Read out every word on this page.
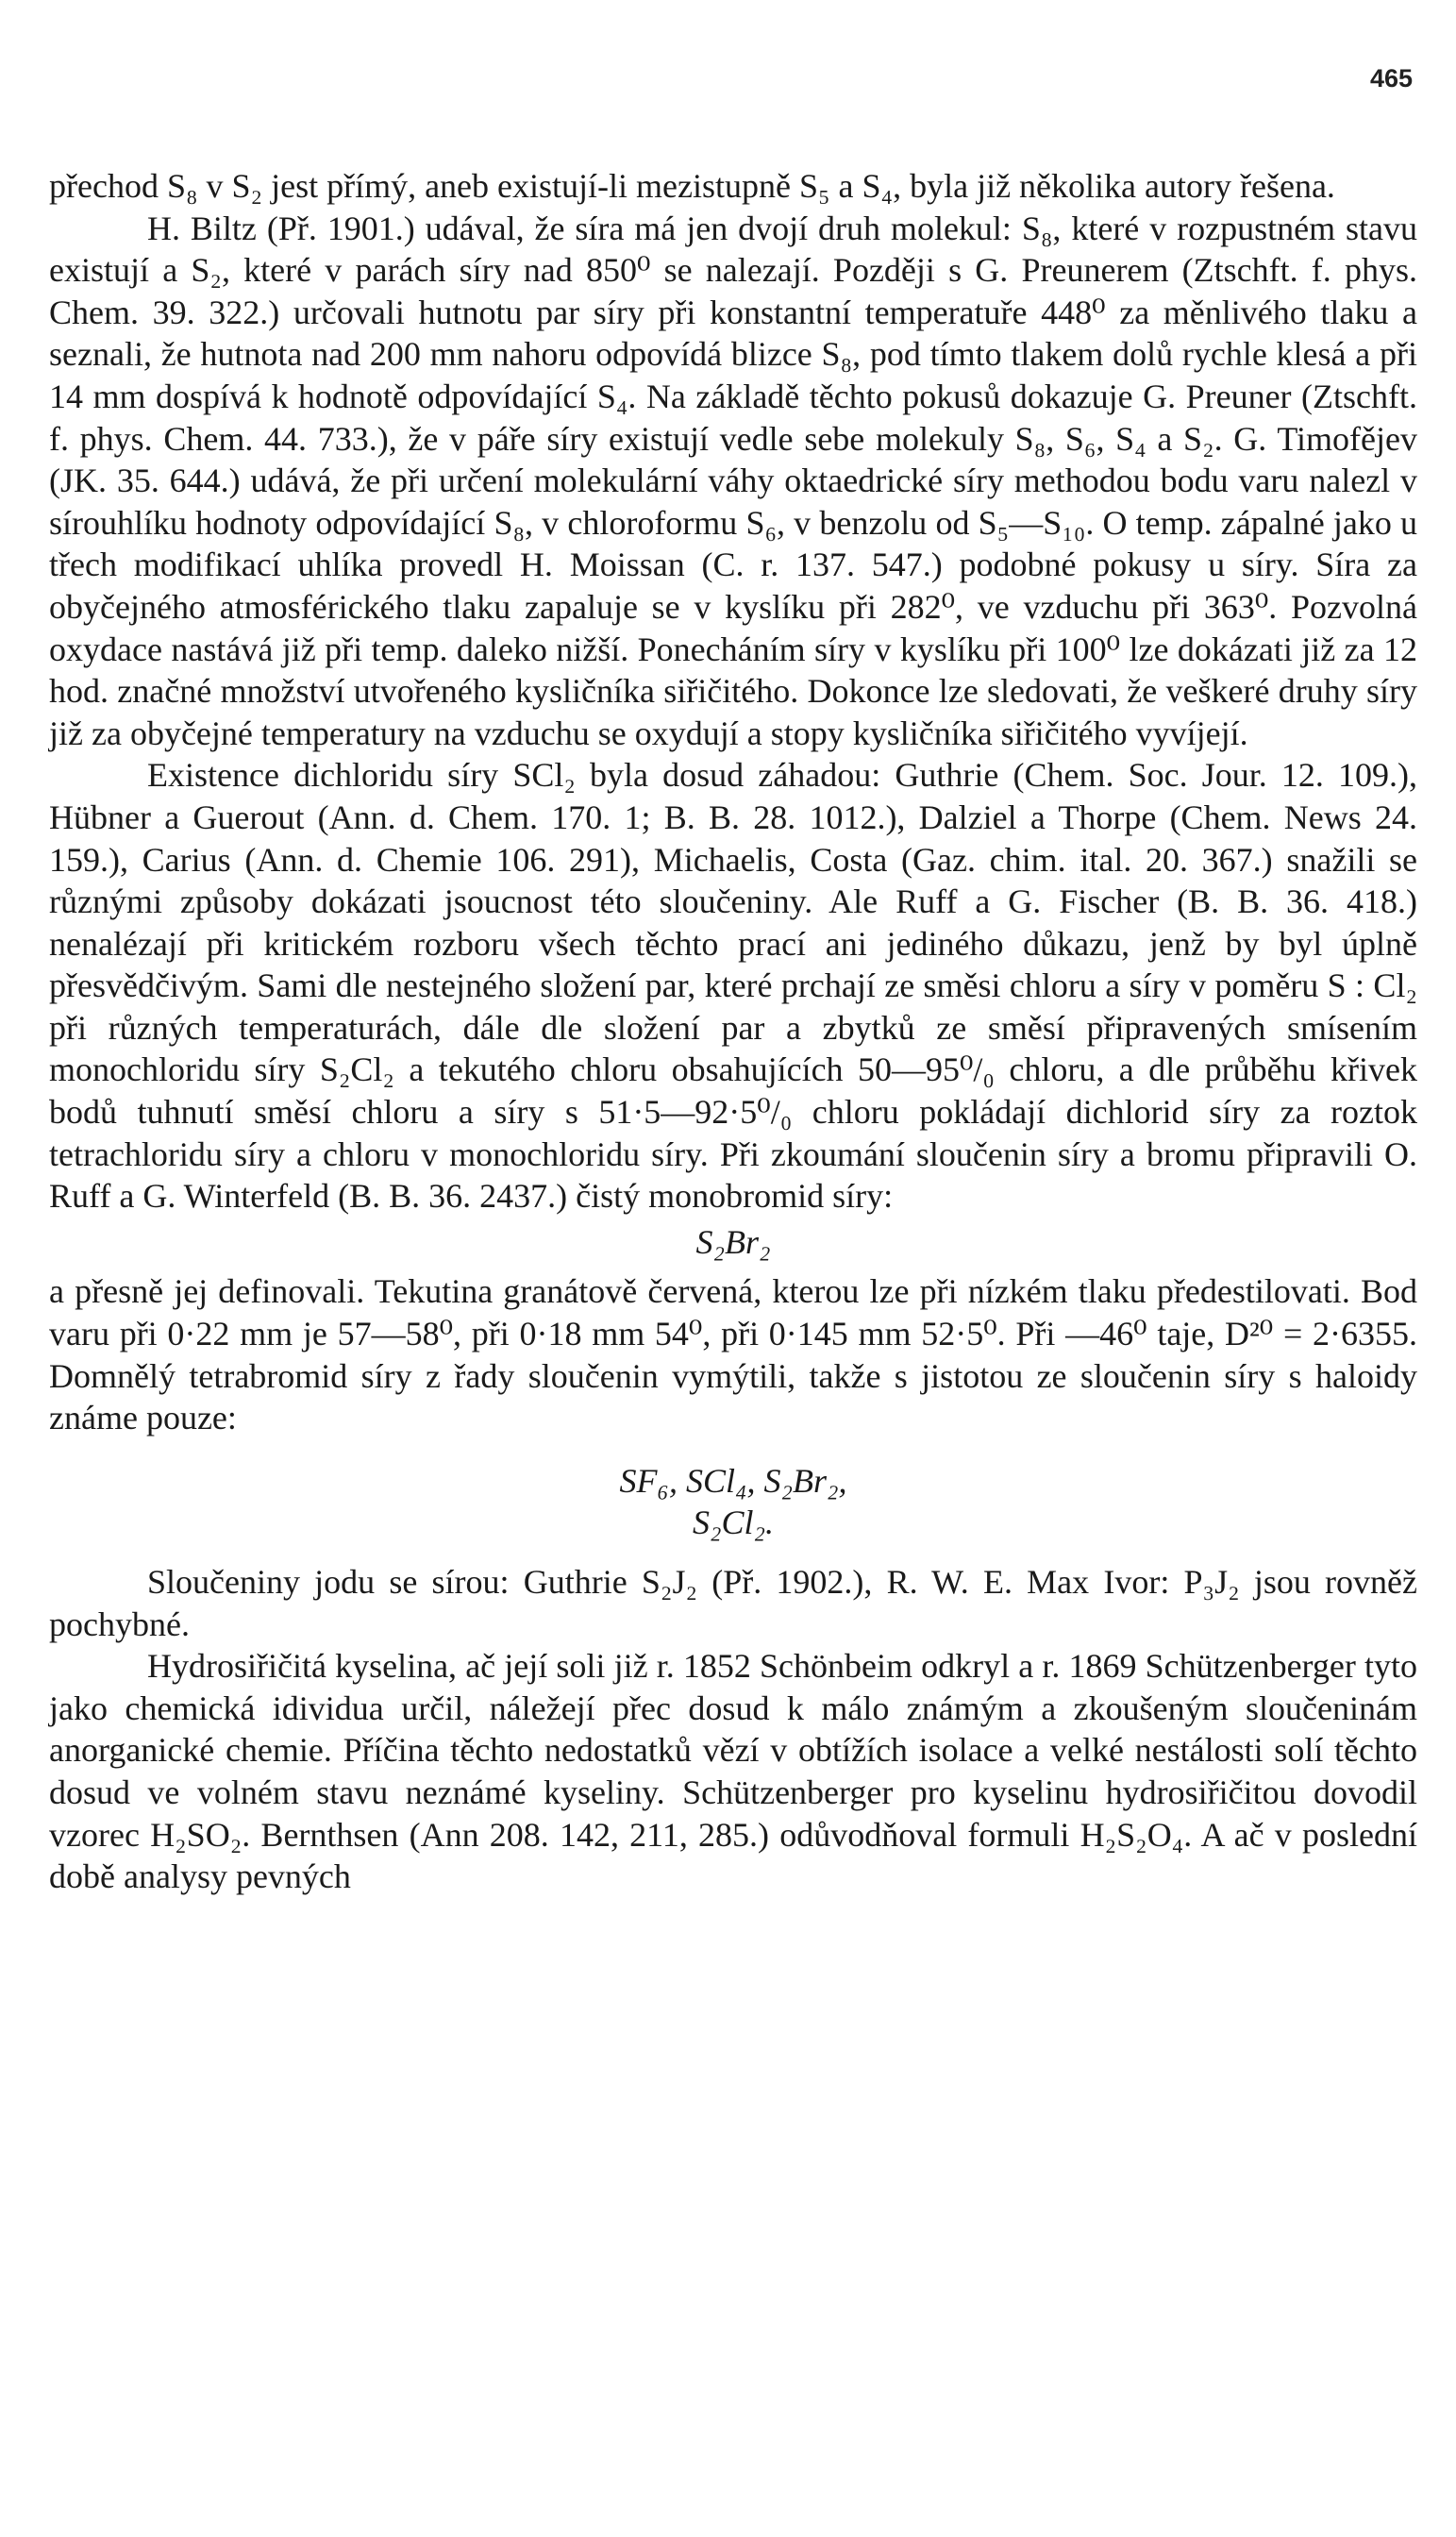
465

přechod S₈ v S₂ jest přímý, aneb existují-li mezistupně S₅ a S₄, byla již několika autory řešena.

H. Biltz (Př. 1901.) udával, že síra má jen dvojí druh molekul: S₈, které v rozpustném stavu existují a S₂, které v parách síry nad 850⁰ se nalezají. Později s G. Preunerem (Ztschft. f. phys. Chem. 39. 322.) určovali hutnotu par síry při konstantní temperatuře 448⁰ za měnlivého tlaku a seznali, že hutnota nad 200 mm nahoru odpovídá blizce S₈, pod tímto tlakem dolů rychle klesá a při 14 mm dospívá k hodnotě odpovídající S₄. Na základě těchto pokusů dokazuje G. Preuner (Ztschft. f. phys. Chem. 44. 733.), že v páře síry existují vedle sebe molekuly S₈, S₆, S₄ a S₂. G. Timofějev (JK. 35. 644.) udává, že při určení molekulární váhy oktaedrické síry methodou bodu varu nalezl v sírouhlíku hodnoty odpovídající S₈, v chloroformu S₆, v benzolu od S₅—S₁₀. O temp. zápalné jako u třech modifikací uhlíka provedl H. Moissan (C. r. 137. 547.) podobné pokusy u síry. Síra za obyčejného atmosférického tlaku zapaluje se v kyslíku při 282⁰, ve vzduchu při 363⁰. Pozvolná oxydace nastává již při temp. daleko nižší. Ponecháním síry v kyslíku při 100⁰ lze dokázati již za 12 hod. značné množství utvořeného kysličníka siřičitého. Dokonce lze sledovati, že veškeré druhy síry již za obyčejné temperatury na vzduchu se oxydují a stopy kysličníka siřičitého vyvíjejí.

Existence dichloridu síry SCl₂ byla dosud záhadou: Guthrie (Chem. Soc. Jour. 12. 109.), Hübner a Guerout (Ann. d. Chem. 170. 1; B. B. 28. 1012.), Dalziel a Thorpe (Chem. News 24. 159.), Carius (Ann. d. Chemie 106. 291), Michaelis, Costa (Gaz. chim. ital. 20. 367.) snažili se různými způsoby dokázati jsoucnost této sloučeniny. Ale Ruff a G. Fischer (B. B. 36. 418.) nenalézají při kritickém rozboru všech těchto prací ani jediného důkazu, jenž by byl úplně přesvědčivým. Sami dle nestejného složení par, které prchají ze směsi chloru a síry v poměru S : Cl₂ při různých temperaturách, dále dle složení par a zbytků ze směsí připravených smísením monochloridu síry S₂Cl₂ a tekutého chloru obsahujících 50—95⁰/₀ chloru, a dle průběhu křivek bodů tuhnutí směsí chloru a síry s 51·5—92·5⁰/₀ chloru pokládají dichlorid síry za roztok tetrachloridu síry a chloru v monochloridu síry. Při zkoumání sloučenin síry a bromu připravili O. Ruff a G. Winterfeld (B. B. 36. 2437.) čistý monobromid síry:

S₂Br₂

a přesně jej definovali. Tekutina granátově červená, kterou lze při nízkém tlaku předestilovati. Bod varu při 0·22 mm je 57—58⁰, při 0·18 mm 54⁰, při 0·145 mm 52·5⁰. Při —46⁰ taje, D²⁰ = 2·6355. Domnělý tetrabromid síry z řady sloučenin vymýtili, takže s jistotou ze sloučenin síry s haloidy známe pouze:

SF₆, SCl₄, S₂Br₂,
S₂Cl₂.

Sloučeniny jodu se sírou: Guthrie S₂J₂ (Př. 1902.), R. W. E. Max Ivor: P₃J₂ jsou rovněž pochybné.

Hydrosiřičitá kyselina, ač její soli již r. 1852 Schönbeim odkryl a r. 1869 Schützenberger tyto jako chemická idividua určil, náležejí přec dosud k málo známým a zkoušeným sloučeninám anorganické chemie. Příčina těchto nedostatků vězí v obtížích isolace a velké nestálosti solí těchto dosud ve volném stavu neznámé kyseliny. Schützenberger pro kyselinu hydrosiřičitou dovodil vzorec H₂SO₂. Bernthsen (Ann 208. 142, 211, 285.) odůvodňoval formuli H₂S₂O₄. A ač v poslední době analysy pevných
